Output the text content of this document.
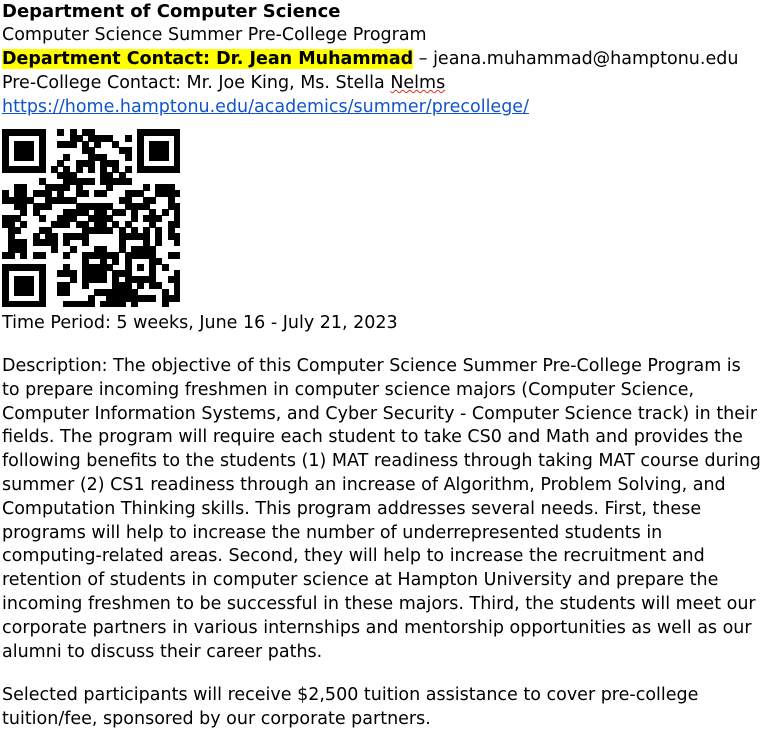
Department of Computer Science
Computer Science Summer Pre-College Program
Department Contact: Dr. Jean Muhammad – jeana.muhammad@hamptonu.edu
Pre-College Contact: Mr. Joe King, Ms. Stella Nelms
https://home.hamptonu.edu/academics/summer/precollege/
Time Period: 5 weeks, June 16 - July 21, 2023
Description: The objective of this Computer Science Summer Pre-College Program is to prepare incoming freshmen in computer science majors (Computer Science, Computer Information Systems, and Cyber Security - Computer Science track) in their fields. The program will require each student to take CS0 and Math and provides the following benefits to the students (1) MAT readiness through taking MAT course during summer (2) CS1 readiness through an increase of Algorithm, Problem Solving, and Computation Thinking skills. This program addresses several needs. First, these programs will help to increase the number of underrepresented students in computing-related areas. Second, they will help to increase the recruitment and retention of students in computer science at Hampton University and prepare the incoming freshmen to be successful in these majors. Third, the students will meet our corporate partners in various internships and mentorship opportunities as well as our alumni to discuss their career paths.
Selected participants will receive $2,500 tuition assistance to cover pre-college tuition/fee, sponsored by our corporate partners.
